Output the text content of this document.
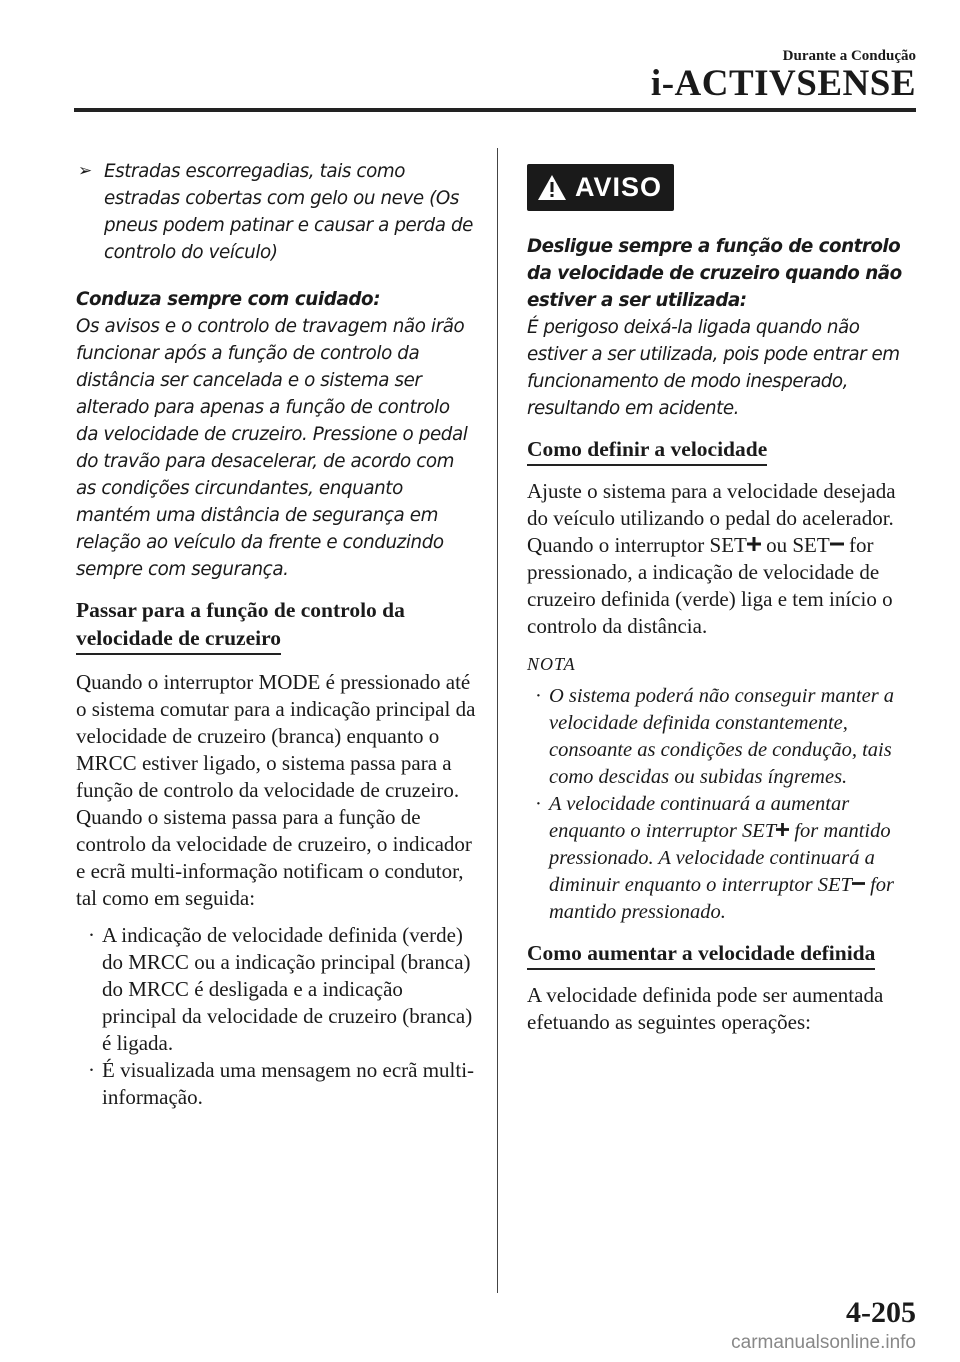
Durante a Condução
i-ACTIVSENSE
➢ Estradas escorregadias, tais como estradas cobertas com gelo ou neve (Os pneus podem patinar e causar a perda de controlo do veículo)
Conduza sempre com cuidado:
Os avisos e o controlo de travagem não irão funcionar após a função de controlo da distância ser cancelada e o sistema ser alterado para apenas a função de controlo da velocidade de cruzeiro. Pressione o pedal do travão para desacelerar, de acordo com as condições circundantes, enquanto mantém uma distância de segurança em relação ao veículo da frente e conduzindo sempre com segurança.
Passar para a função de controlo da
velocidade de cruzeiro
Quando o interruptor MODE é pressionado até o sistema comutar para a indicação principal da velocidade de cruzeiro (branca) enquanto o MRCC estiver ligado, o sistema passa para a função de controlo da velocidade de cruzeiro.
Quando o sistema passa para a função de controlo da velocidade de cruzeiro, o indicador e ecrã multi-informação notificam o condutor, tal como em seguida:
· A indicação de velocidade definida (verde) do MRCC ou a indicação principal (branca) do MRCC é desligada e a indicação principal da velocidade de cruzeiro (branca) é ligada.
· É visualizada uma mensagem no ecrã multi-informação.
AVISO
Desligue sempre a função de controlo da velocidade de cruzeiro quando não estiver a ser utilizada:
É perigoso deixá-la ligada quando não estiver a ser utilizada, pois pode entrar em funcionamento de modo inesperado, resultando em acidente.
Como definir a velocidade
Ajuste o sistema para a velocidade desejada do veículo utilizando o pedal do acelerador.
Quando o interruptor SET ou SET for pressionado, a indicação de velocidade de cruzeiro definida (verde) liga e tem início o controlo da distância.
NOTA
· O sistema poderá não conseguir manter a velocidade definida constantemente, consoante as condições de condução, tais como descidas ou subidas íngremes.
· A velocidade continuará a aumentar enquanto o interruptor SET for mantido pressionado. A velocidade continuará a diminuir enquanto o interruptor SET for mantido pressionado.
Como aumentar a velocidade definida
A velocidade definida pode ser aumentada efetuando as seguintes operações:
4-205
carmanualsonline.info
